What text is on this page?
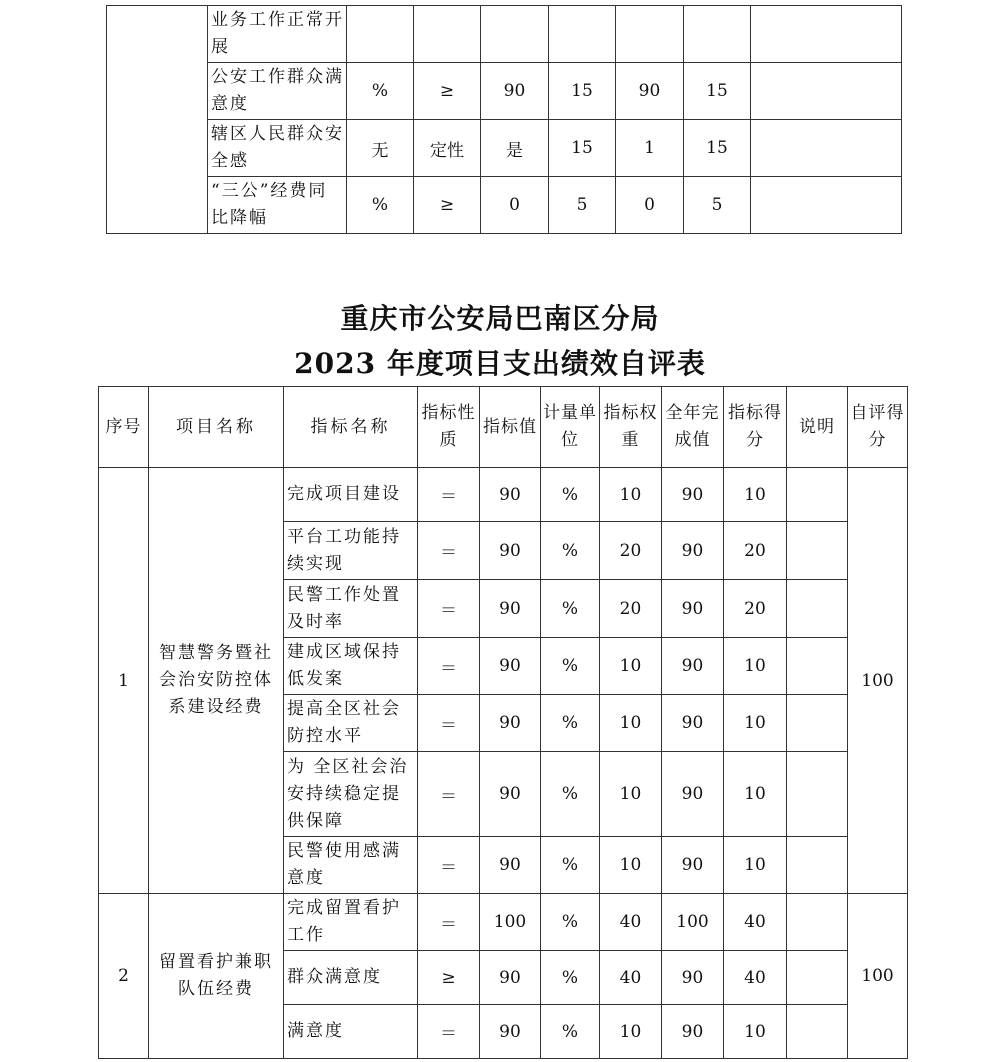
	业务工作正常开展							
	公安工作群众满意度	%	≥	90	15	90	15	
	辖区人民群众安全感	无	定性	是	15	1	15	
	“三公”经费同比降幅	%	≥	0	5	0	5	
重庆市公安局巴南区分局
2023 年度项目支出绩效自评表
序号	项目名称	指标名称	指标性质	指标值	计量单位	指标权重	全年完成值	指标得分	说明	自评得分
1	智慧警务暨社会治安防控体系建设经费	完成项目建设	＝	90	%	10	90	10		100
		平台工功能持续实现	＝	90	%	20	90	20		
		民警工作处置及时率	＝	90	%	20	90	20		
		建成区域保持低发案	＝	90	%	10	90	10		
		提高全区社会防控水平	＝	90	%	10	90	10		
		为 全区社会治安持续稳定提供保障	＝	90	%	10	90	10		
		民警使用感满意度	＝	90	%	10	90	10		
2	留置看护兼职队伍经费	完成留置看护工作	＝	100	%	40	100	40		100
		群众满意度	≥	90	%	40	90	40		
		满意度	＝	90	%	10	90	10		
